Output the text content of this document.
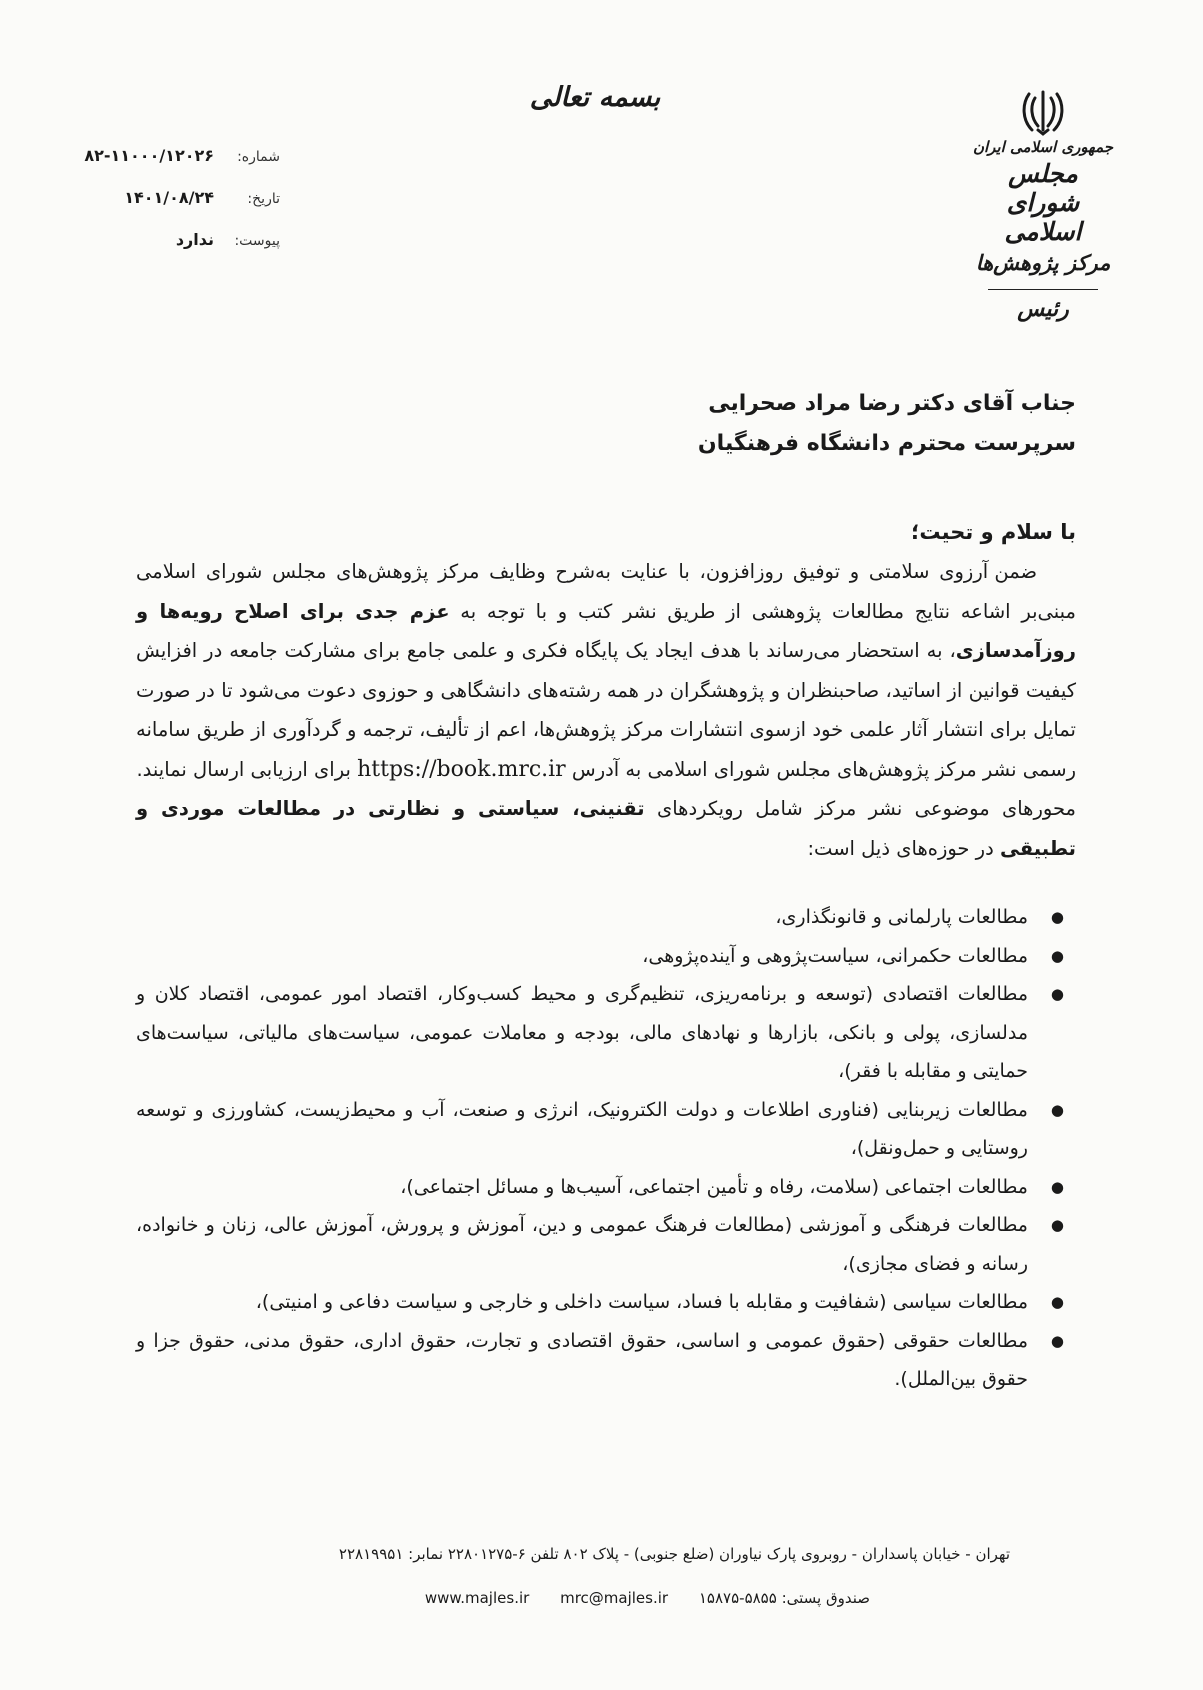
بسمه تعالی
جمهوری اسلامی ایران
مجلس شورای اسلامی
مرکز پژوهش‌ها
رئیس
شماره:
۸۲-۱۱۰۰۰/۱۲۰۲۶
تاریخ:
۱۴۰۱/۰۸/۲۴
پیوست:
ندارد

جناب آقای دکتر رضا مراد صحرایی

سرپرست محترم دانشگاه فرهنگیان

با سلام و تحیت؛

ضمن آرزوی سلامتی و توفیق روزافزون، با عنایت به‌شرح وظایف مرکز پژوهش‌های مجلس شورای اسلامی مبنی‌بر اشاعه نتایج مطالعات پژوهشی از طریق نشر کتب و با توجه به عزم جدی برای اصلاح رویه‌ها و روزآمدسازی، به استحضار می‌رساند با هدف ایجاد یک پایگاه فکری و علمی جامع برای مشارکت جامعه در افزایش کیفیت قوانین از اساتید، صاحبنظران و پژوهشگران در همه رشته‌های دانشگاهی و حوزوی دعوت می‌شود تا در صورت تمایل برای انتشار آثار علمی خود ازسوی انتشارات مرکز پژوهش‌ها، اعم از تألیف، ترجمه و گردآوری از طریق سامانه رسمی نشر مرکز پژوهش‌های مجلس شورای اسلامی به آدرس https://book.mrc.ir برای ارزیابی ارسال نمایند.

محورهای موضوعی نشر مرکز شامل رویکردهای تقنینی، سیاستی و نظارتی در مطالعات موردی و تطبیقی در حوزه‌های ذیل است:

●
مطالعات پارلمانی و قانونگذاری،
●
مطالعات حکمرانی، سیاست‌پژوهی و آینده‌پژوهی،
●
مطالعات اقتصادی (توسعه و برنامه‌ریزی، تنظیم‌گری و محیط کسب‌وکار، اقتصاد امور عمومی، اقتصاد کلان و مدلسازی، پولی و بانکی، بازارها و نهادهای مالی، بودجه و معاملات عمومی، سیاست‌های مالیاتی، سیاست‌های حمایتی و مقابله با فقر)،
●
مطالعات زیربنایی (فناوری اطلاعات و دولت الکترونیک، انرژی و صنعت، آب و محیط‌زیست، کشاورزی و توسعه روستایی و حمل‌ونقل)،
●
مطالعات اجتماعی (سلامت، رفاه و تأمین اجتماعی، آسیب‌ها و مسائل اجتماعی)،
●
مطالعات فرهنگی و آموزشی (مطالعات فرهنگ عمومی و دین، آموزش و پرورش، آموزش عالی، زنان و خانواده، رسانه و فضای مجازی)،
●
مطالعات سیاسی (شفافیت و مقابله با فساد، سیاست داخلی و خارجی و سیاست دفاعی و امنیتی)،
●
مطالعات حقوقی (حقوق عمومی و اساسی، حقوق اقتصادی و تجارت، حقوق اداری، حقوق مدنی، حقوق جزا و حقوق بین‌الملل).
تهران - خیابان پاسداران - روبروی پارک نیاوران (ضلع جنوبی) - پلاک ۸۰۲ تلفن ۶-۲۲۸۰۱۲۷۵ نمابر: ۲۲۸۱۹۹۵۱
صندوق پستی: ۵۸۵۵-۱۵۸۷۵ www.majles.ir mrc@majles.ir
